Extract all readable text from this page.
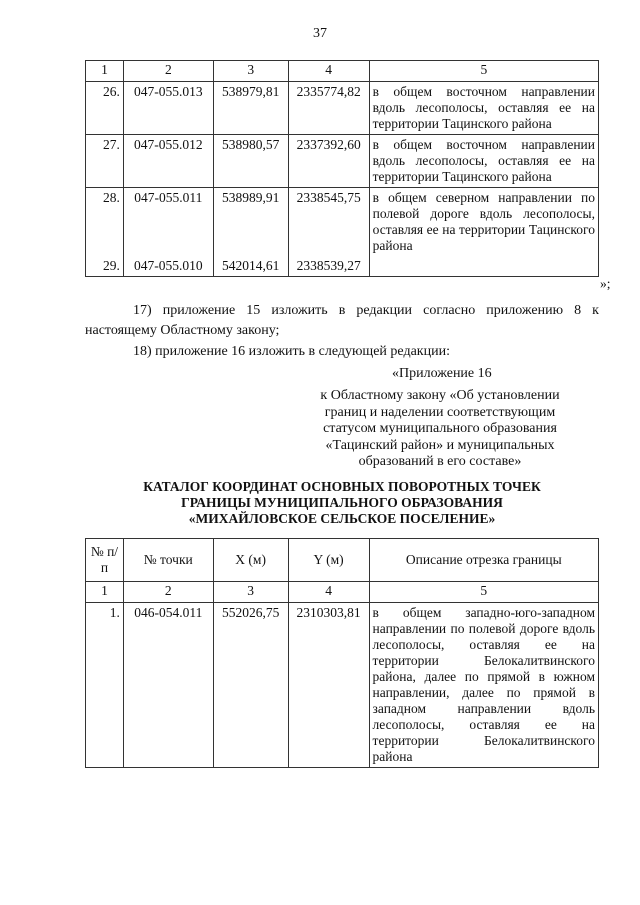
37
1	2	3	4	5
26.	047-055.013	538979,81	2335774,82	в общем восточном направлении вдоль лесополосы, оставляя ее на территории Тацинского района
27.	047-055.012	538980,57	2337392,60	в общем восточном направлении вдоль лесополосы, оставляя ее на территории Тацинского района
28.	047-055.011	538989,91	2338545,75	в общем северном направлении по полевой дороге вдоль лесополосы, оставляя ее на территории Тацинского района
29.	047-055.010	542014,61	2338539,27	
»;
17) приложение 15 изложить в редакции согласно приложению 8 к настоящему Областному закону;
18) приложение 16 изложить в следующей редакции:
«Приложение 16
к Областному закону «Об установлении границ и наделении соответствующим статусом муниципального образования «Тацинский район» и муниципальных образований в его составе»
КАТАЛОГ КООРДИНАТ ОСНОВНЫХ ПОВОРОТНЫХ ТОЧЕК
ГРАНИЦЫ МУНИЦИПАЛЬНОГО ОБРАЗОВАНИЯ
«МИХАЙЛОВСКОЕ СЕЛЬСКОЕ ПОСЕЛЕНИЕ»
№ п/п	№ точки	X (м)	Y (м)	Описание отрезка границы
1	2	3	4	5
1.	046-054.011	552026,75	2310303,81	в общем западно-юго-западном направлении по полевой дороге вдоль лесополосы, оставляя ее на территории Белокалитвинского района, далее по прямой в южном направлении, далее по прямой в западном направлении вдоль лесополосы, оставляя ее на территории Белокалитвинского района
